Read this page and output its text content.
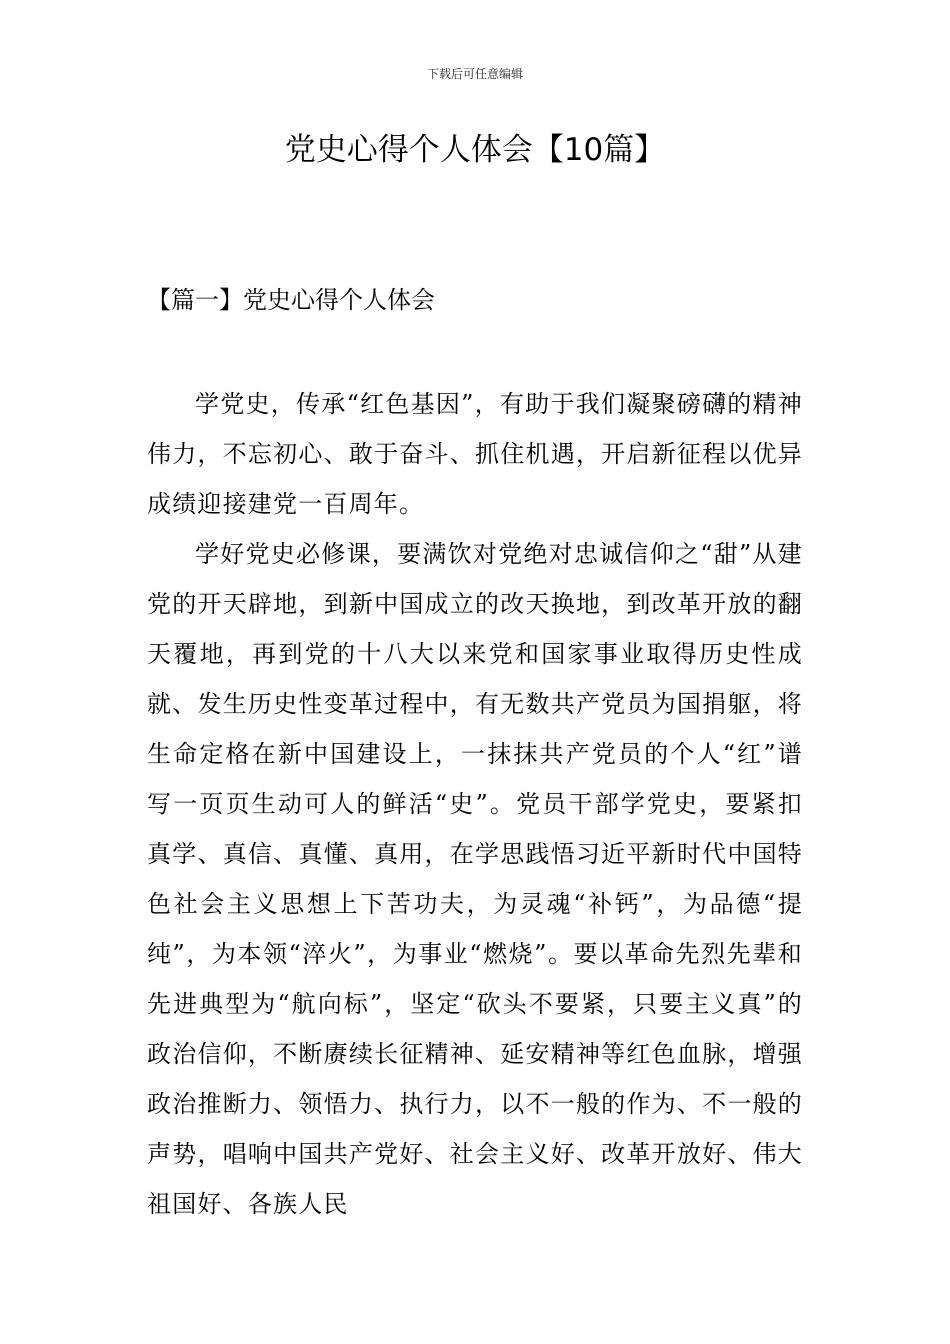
下载后可任意编辑
党史心得个人体会【10篇】
【篇一】党史心得个人体会

学党史，传承“红色基因”，有助于我们凝聚磅礴的精神伟力，不忘初心、敢于奋斗、抓住机遇，开启新征程以优异成绩迎接建党一百周年。

学好党史必修课，要满饮对党绝对忠诚信仰之“甜”从建党的开天辟地，到新中国成立的改天换地，到改革开放的翻天覆地，再到党的十八大以来党和国家事业取得历史性成就、发生历史性变革过程中，有无数共产党员为国捐躯，将生命定格在新中国建设上，一抹抹共产党员的个人“红”谱写一页页生动可人的鲜活“史”。党员干部学党史，要紧扣真学、真信、真懂、真用，在学思践悟习近平新时代中国特色社会主义思想上下苦功夫，为灵魂“补钙”，为品德“提纯”，为本领“淬火”，为事业“燃烧”。要以革命先烈先辈和先进典型为“航向标”，坚定“砍头不要紧，只要主义真”的政治信仰，不断赓续长征精神、延安精神等红色血脉，增强政治推断力、领悟力、执行力，以不一般的作为、不一般的声势，唱响中国共产党好、社会主义好、改革开放好、伟大祖国好、各族人民
